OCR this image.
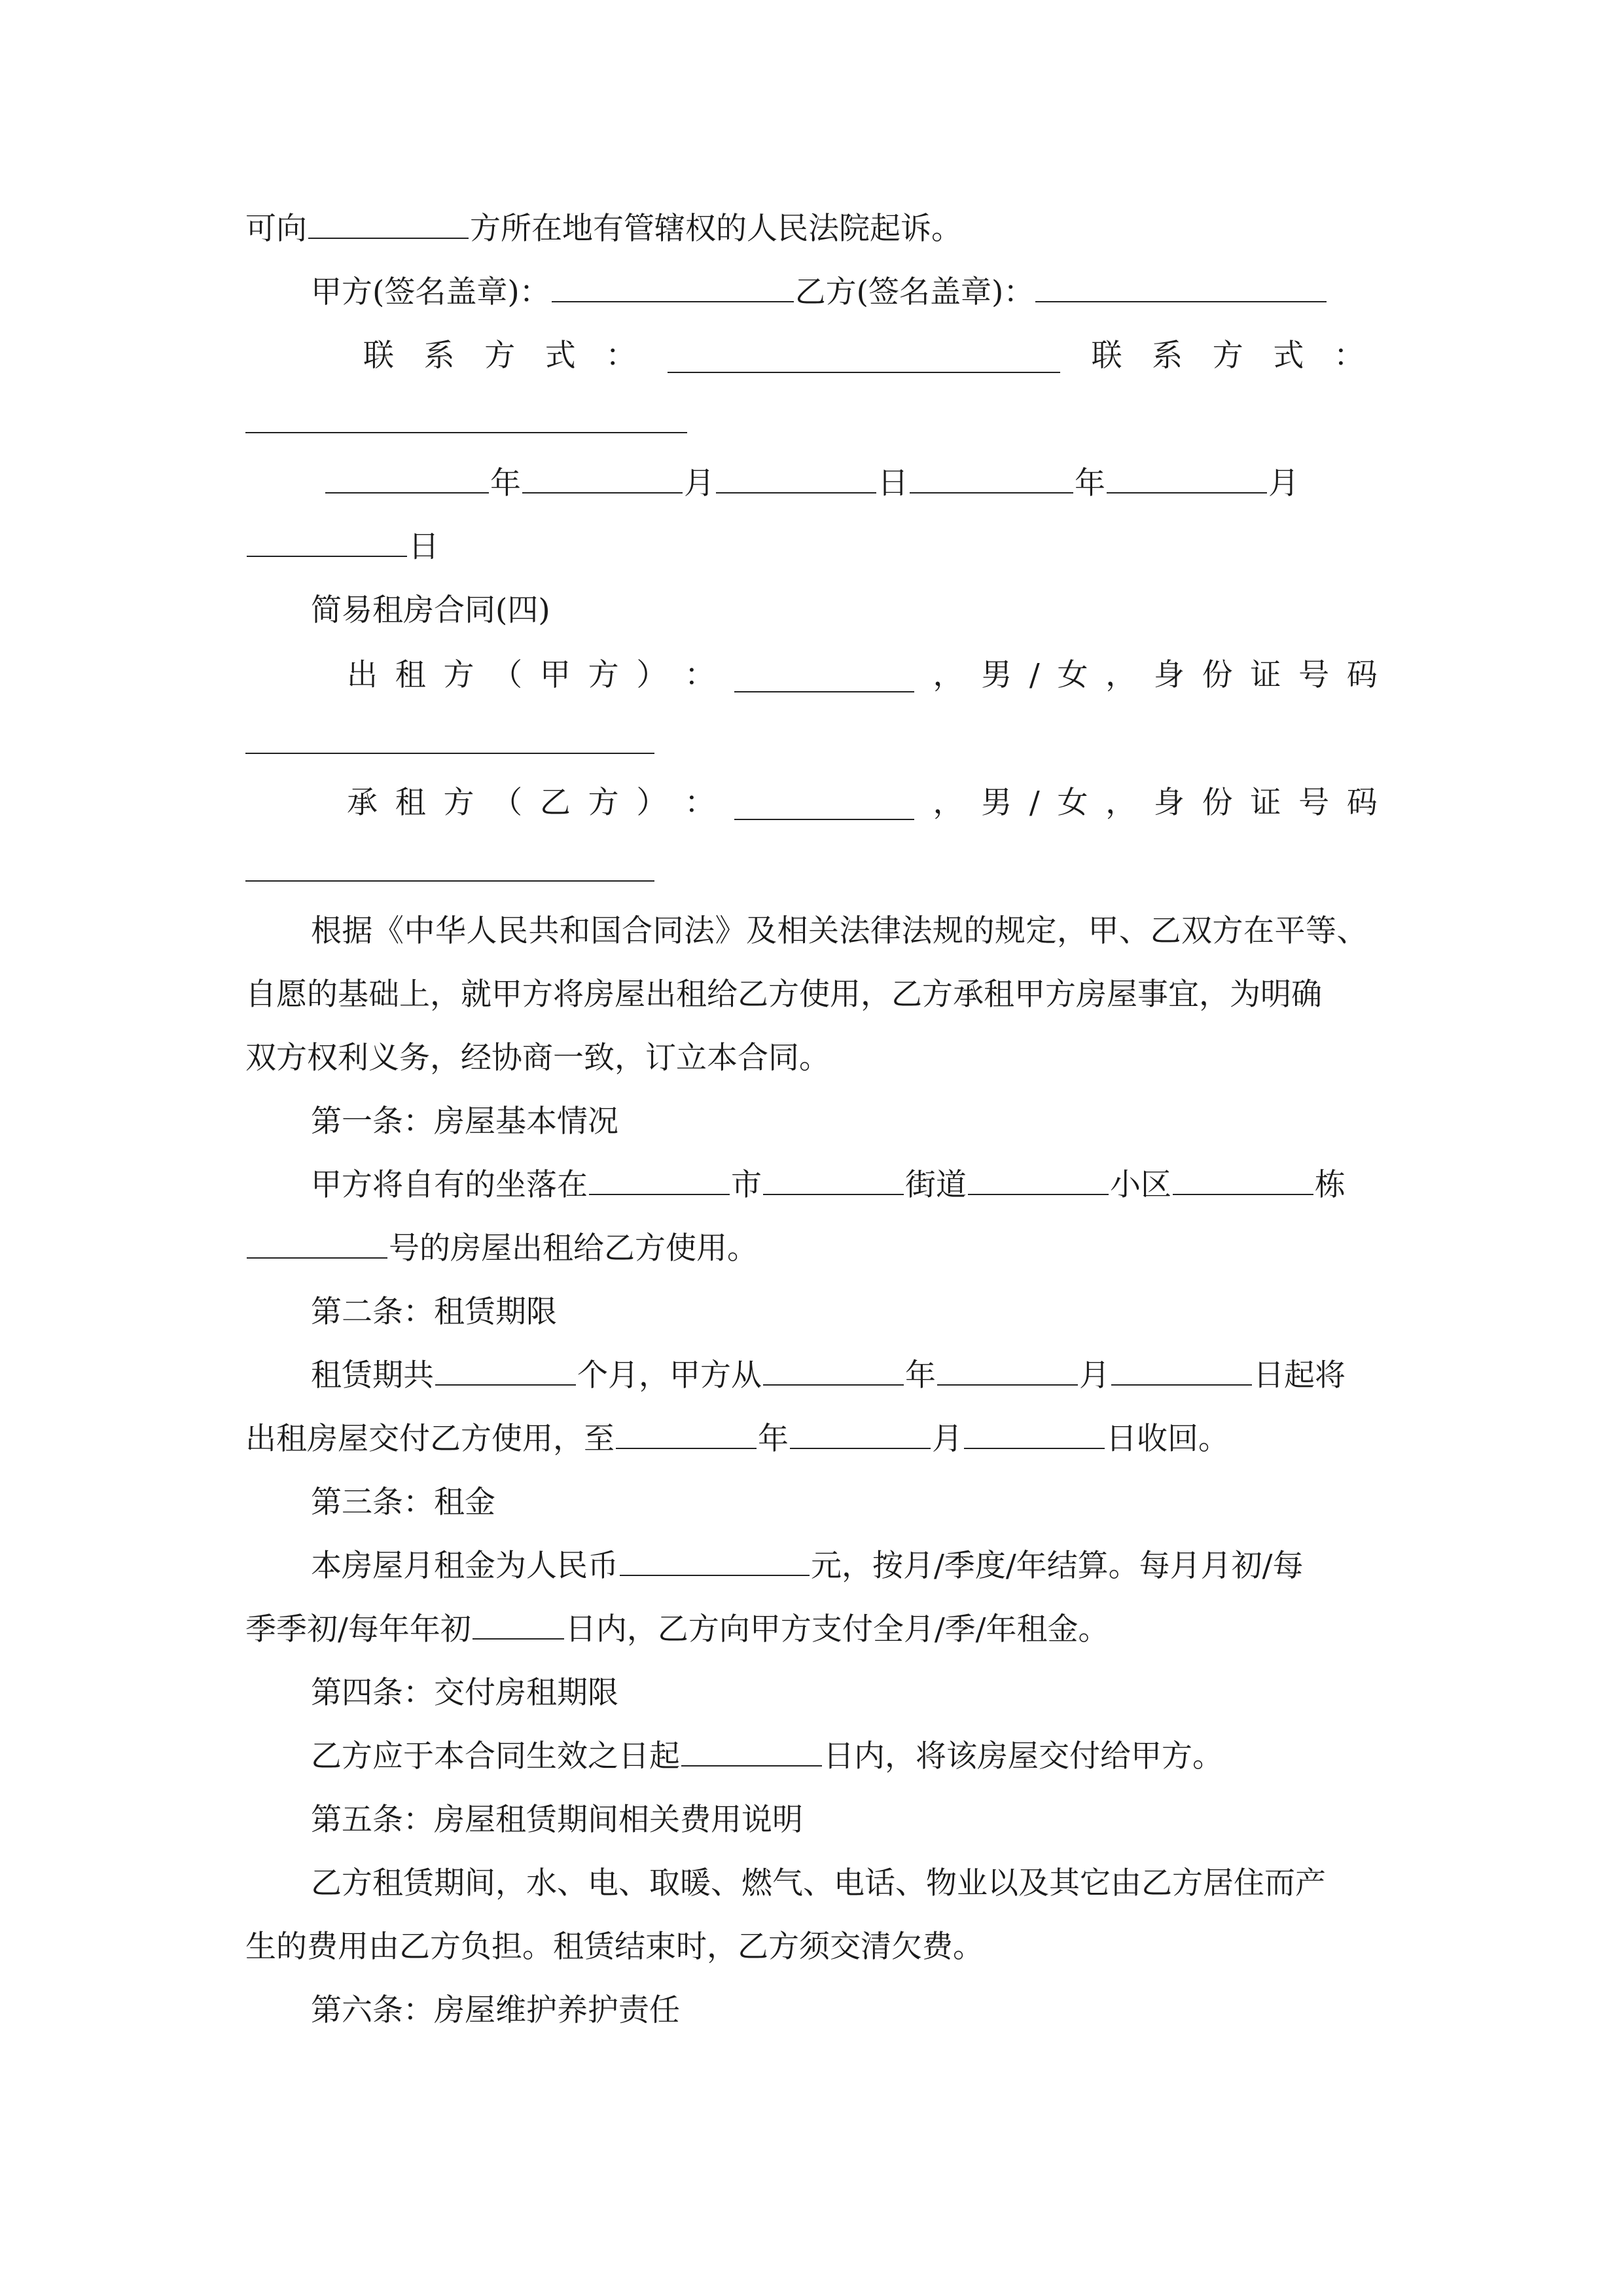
可向	方所在地有管辖权的人民法院起诉。
甲方(签名盖章)：	乙方(签名盖章)：
联 系 方 式 ：	联 系 方 式 ：
年	月	日	年	月
日
简易租房合同(四)
出 租 方 （ 甲 方 ） ：	， 男 / 女 ， 身 份 证 号 码
承 租 方 （ 乙 方 ） ：	， 男 / 女 ， 身 份 证 号 码
根据《中华人民共和国合同法》及相关法律法规的规定，甲、乙双方在平等、
自愿的基础上，就甲方将房屋出租给乙方使用，乙方承租甲方房屋事宜，为明确
双方权利义务，经协商一致，订立本合同。
第一条：房屋基本情况
甲方将自有的坐落在	市	街道	小区	栋
号的房屋出租给乙方使用。
第二条：租赁期限
租赁期共	个月，甲方从	年	月	日起将
出租房屋交付乙方使用，至	年	月	日收回。
第三条：租金
本房屋月租金为人民币	元，按月/季度/年结算。每月月初/每
季季初/每年年初	日内，乙方向甲方支付全月/季/年租金。
第四条：交付房租期限
乙方应于本合同生效之日起	日内，将该房屋交付给甲方。
第五条：房屋租赁期间相关费用说明
乙方租赁期间，水、电、取暖、燃气、电话、物业以及其它由乙方居住而产
生的费用由乙方负担。租赁结束时，乙方须交清欠费。
第六条：房屋维护养护责任
